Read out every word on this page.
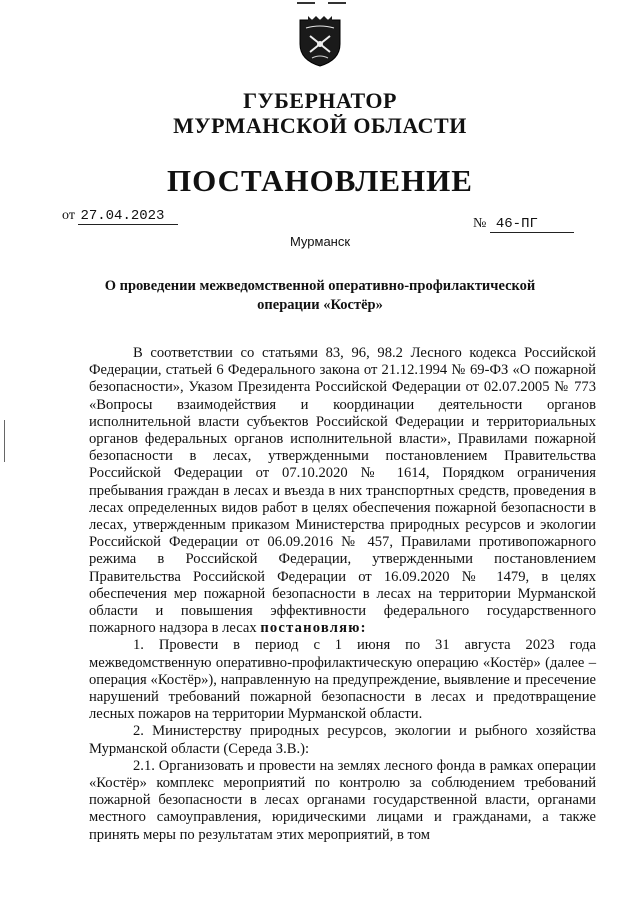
ГУБЕРНАТОР
МУРМАНСКОЙ ОБЛАСТИ
ПОСТАНОВЛЕНИЕ
от 27.04.2023	№ 46-ПГ
Мурманск
О проведении межведомственной оперативно-профилактической операции «Костёр»

В соответствии со статьями 83, 96, 98.2 Лесного кодекса Российской Федерации, статьей 6 Федерального закона от 21.12.1994 № 69-ФЗ «О пожарной безопасности», Указом Президента Российской Федерации от 02.07.2005 № 773 «Вопросы взаимодействия и координации деятельности органов исполнительной власти субъектов Российской Федерации и территориальных органов федеральных органов исполнительной власти», Правилами пожарной безопасности в лесах, утвержденными постановлением Правительства Российской Федерации от 07.10.2020 № 1614, Порядком ограничения пребывания граждан в лесах и въезда в них транспортных средств, проведения в лесах определенных видов работ в целях обеспечения пожарной безопасности в лесах, утвержденным приказом Министерства природных ресурсов и экологии Российской Федерации от 06.09.2016 № 457, Правилами противопожарного режима в Российской Федерации, утвержденными постановлением Правительства Российской Федерации от 16.09.2020 № 1479, в целях обеспечения мер пожарной безопасности в лесах на территории Мурманской области и повышения эффективности федерального государственного пожарного надзора в лесах постановляю:

1. Провести в период с 1 июня по 31 августа 2023 года межведомственную оперативно-профилактическую операцию «Костёр» (далее – операция «Костёр»), направленную на предупреждение, выявление и пресечение нарушений требований пожарной безопасности в лесах и предотвращение лесных пожаров на территории Мурманской области.

2. Министерству природных ресурсов, экологии и рыбного хозяйства Мурманской области (Середа З.В.):

2.1. Организовать и провести на землях лесного фонда в рамках операции «Костёр» комплекс мероприятий по контролю за соблюдением требований пожарной безопасности в лесах органами государственной власти, органами местного самоуправления, юридическими лицами и гражданами, а также принять меры по результатам этих мероприятий, в том
